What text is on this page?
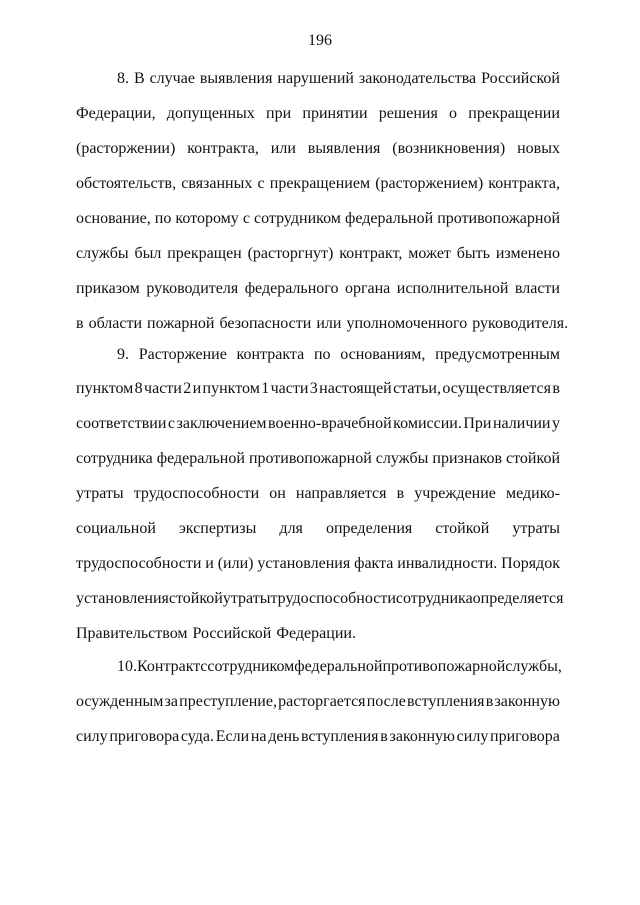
196
8. В случае выявления нарушений законодательства Российской
Федерации, допущенных при принятии решения о прекращении
(расторжении) контракта, или выявления (возникновения) новых
обстоятельств, связанных с прекращением (расторжением) контракта,
основание, по которому с сотрудником федеральной противопожарной
службы был прекращен (расторгнут) контракт, может быть изменено
приказом руководителя федерального органа исполнительной власти
в области пожарной безопасности или уполномоченного руководителя.
9. Расторжение контракта по основаниям, предусмотренным
пунктом 8 части 2 и пунктом 1 части 3 настоящей статьи, осуществляется в
соответствии с заключением военно-врачебной комиссии. При наличии у
сотрудника федеральной противопожарной службы признаков стойкой
утраты трудоспособности он направляется в учреждение медико-
социальной экспертизы для определения стойкой утраты
трудоспособности и (или) установления факта инвалидности. Порядок
установления стойкой утраты трудоспособности сотрудника определяется
Правительством Российской Федерации.
10. Контракт с сотрудником федеральной противопожарной службы,
осужденным за преступление, расторгается после вступления в законную
силу приговора суда. Если на день вступления в законную силу приговора
